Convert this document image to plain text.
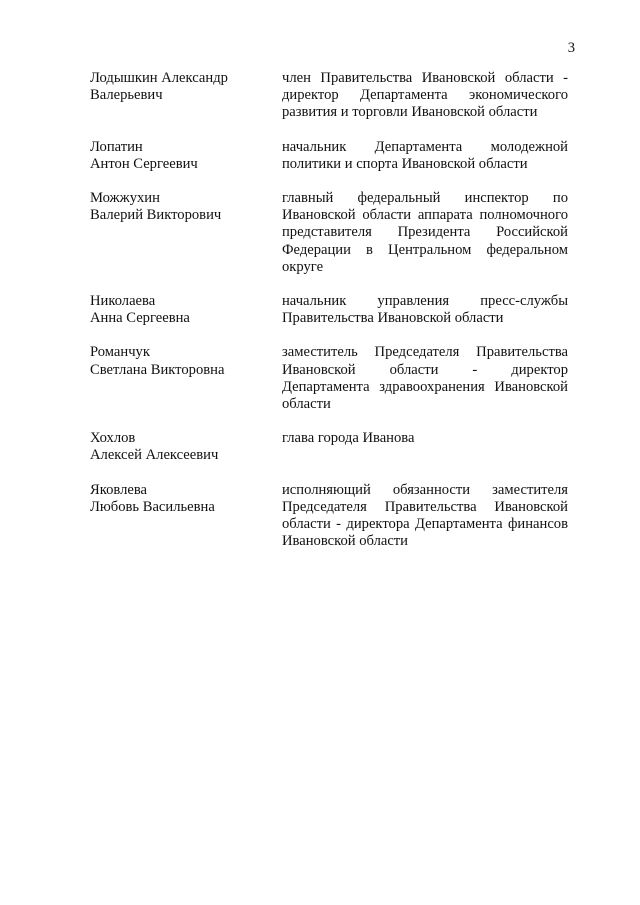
3
Лодышкин Александр
Валерьевич
член Правительства Ивановской области - директор Департамента экономического развития и торговли Ивановской области
Лопатин
Антон Сергеевич
начальник Департамента молодежной политики и спорта Ивановской области
Можжухин
Валерий Викторович
главный федеральный инспектор по Ивановской области аппарата полномочного представителя Президента Российской Федерации в Центральном федеральном округе
Николаева
Анна Сергеевна
начальник управления пресс-службы Правительства Ивановской области
Романчук
Светлана Викторовна
заместитель Председателя Правительства Ивановской области - директор Департамента здравоохранения Ивановской области
Хохлов
Алексей Алексеевич
глава города Иванова
Яковлева
Любовь Васильевна
исполняющий обязанности заместителя Председателя Правительства Ивановской области - директора Департамента финансов Ивановской области
